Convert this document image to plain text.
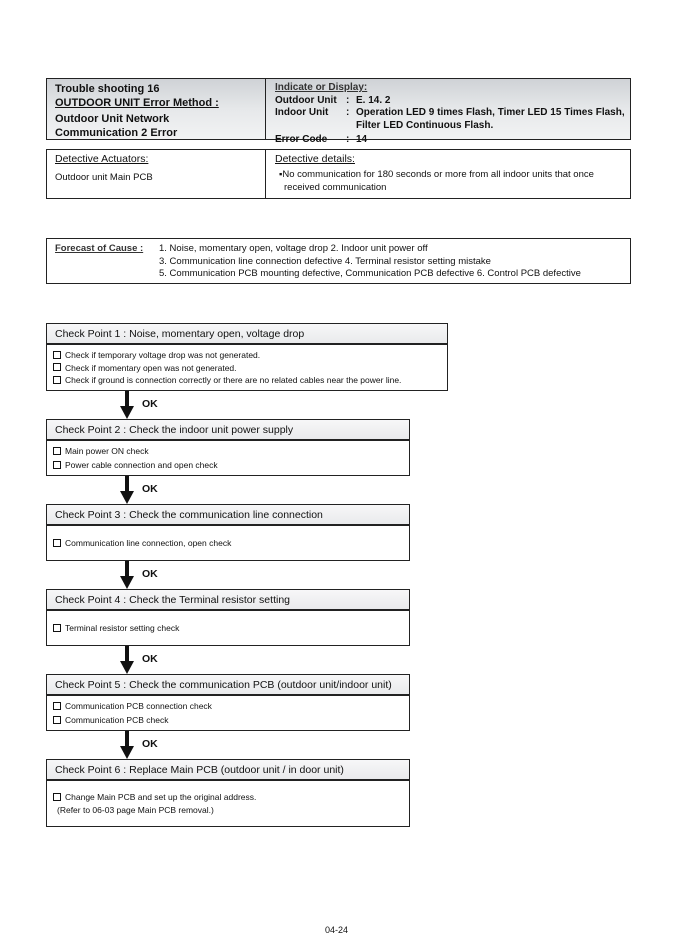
Trouble shooting 16
OUTDOOR UNIT Error Method :
Outdoor Unit Network
Communication 2 Error
Indicate or Display:
Outdoor Unit : E. 14. 2
Indoor Unit	: Operation LED 9 times Flash, Timer LED 15 Times Flash,
Filter LED Continuous Flash.
Error Code	: 14
Detective Actuators:
Outdoor unit Main PCB
Detective details:
▪No communication for 180 seconds or more from all indoor units that once
received communication
Forecast of Cause :	1. Noise, momentary open, voltage drop 2. Indoor unit power off
3. Communication line connection defective 4. Terminal resistor setting mistake
5. Communication PCB mounting defective, Communication PCB defective 6. Control PCB defective
Check Point 1 : Noise, momentary open, voltage drop
Check if temporary voltage drop was not generated.
Check if momentary open was not generated.
Check if ground is connection correctly or there are no related cables near the power line.
OK
Check Point 2 : Check the indoor unit power supply
Main power ON check
Power cable connection and open check
OK
Check Point 3 : Check the communication line connection
Communication line connection, open check
OK
Check Point 4 : Check the Terminal resistor setting
Terminal resistor setting check
OK
Check Point 5 : Check the communication PCB (outdoor unit/indoor unit)
Communication PCB connection check
Communication PCB check
OK
Check Point 6 : Replace Main PCB (outdoor unit / in door unit)
Change Main PCB and set up the original address.
(Refer to 06-03 page Main PCB removal.)
04-24
